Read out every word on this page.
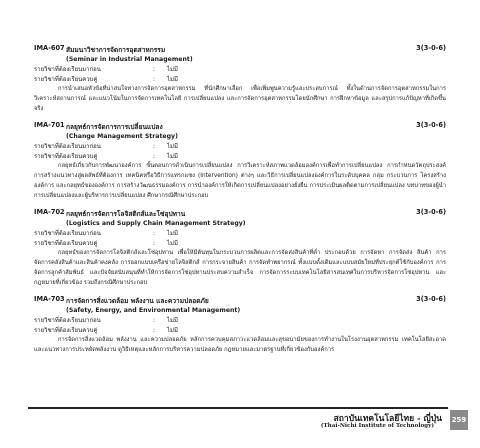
IMA-607 สัมมนาวิชาการจัดการอุตสาหกรรม	3(3-0-6)
(Seminar in Industrial Management)
รายวิชาที่ต้องเรียนมาก่อน	: ไม่มี
รายวิชาที่ต้องเรียนควบคู่	: ไม่มี

การนำเสนอหัวข้อที่น่าสนใจทางการจัดการอุตสาหกรรม ที่นักศึกษาเลือก เพื่อเพิ่มพูนความรู้และประสบการณ์ ทั้งในด้านการจัดการอุตสาหกรรมในการวิเคราะห์สถานการณ์ และแนวโน้มในการจัดการเทคโนโลยี การเปลี่ยนแปลง และการจัดการอุตสาหกรรมโดยนักศึกษา การฝึกหาข้อมูล และสรุปการแก้ปัญหาที่เกิดขึ้นจริง

IMA-701 กลยุทธ์การจัดการการเปลี่ยนแปลง	3(3-0-6)
(Change Management Strategy)
รายวิชาที่ต้องเรียนมาก่อน	: ไม่มี
รายวิชาที่ต้องเรียนควบคู่	: ไม่มี

กลยุทธ์เกี่ยวกับการพัฒนาองค์การ ขั้นตอนการดำเนินการเปลี่ยนแปลง การวิเคราะห์สภาพแวดล้อมองค์การเพื่อทำการเปลี่ยนแปลง การกำหนดวัตถุประสงค์ การสร้างแนวทางสู่ผลลัพธ์ที่ต้องการ เทคนิคหรือวิธีการแทรกแซง (Intervention) ต่างๆ และวิธีการเปลี่ยนแปลงองค์การในระดับบุคคล กลุ่ม กระบวนการ โครงสร้างองค์การ และกลยุทธ์ขององค์การ การสร้างวัฒนธรรมองค์การ การนำองค์การให้เกิดการเปลี่ยนแปลงอย่างยั่งยืน การประเมินผลติดตามการเปลี่ยนแปลง บทบาทของผู้นำการเปลี่ยนแปลงและผู้บริหารการเปลี่ยนแปลง ศึกษากรณีศึกษาประกอบ

IMA-702 กลยุทธ์การจัดการโลจิสติกส์และโซ่อุปทาน	3(3-0-6)
(Logistics and Supply Chain Management Strategy)
รายวิชาที่ต้องเรียนมาก่อน	: ไม่มี
รายวิชาที่ต้องเรียนควบคู่	: ไม่มี

กลยุทธ์ของการจัดการโลจิสติกส์และโซ่อุปทาน เพื่อให้มีต้นทุนในกระบวนการผลิตและการจัดส่งสินค้าที่ต่ำ ประกอบด้วย การจัดหา การจัดส่ง สินค้า การจัดการคลังสินค้าและสินค้าคงคลัง การออกแบบเครือข่ายโลจิสติกส์ การกระจายสินค้า การจัดทำพยากรณ์ ทั้งแบบดั้งเดิมและแบบสมัยใหม่ที่ประยุกต์ใช้กับองค์การ การจัดการลูกค้าสัมพันธ์ และปัจจัยสนับสนุนที่ทำให้การจัดการโซ่อุปทานประสบความสำเร็จ การจัดการระบบเทคโนโลยีสารสนเทศในการบริหารจัดการโซ่อุปทาน และกฎหมายที่เกี่ยวข้อง รวมถึงกรณีศึกษาประกอบ

IMA-703 การจัดการสิ่งแวดล้อม พลังงาน และความปลอดภัย	3(3-0-6)
(Safety, Energy, and Environmental Management)
รายวิชาที่ต้องเรียนมาก่อน	: ไม่มี
รายวิชาที่ต้องเรียนควบคู่	: ไม่มี

การจัดการสิ่งแวดล้อม พลังงาน และความปลอดภัย หลักการควบคุมสภาวะแวดล้อมและสุขอนามัยของการทำงานในโรงงานอุตสาหกรรม เทคโนโลยีสะอาดและแนวทางการประหยัดพลังงาน ดูวิธีเหตุและหลักการบริหารความปลอดภัย กฎหมายและมาตรฐานที่เกี่ยวข้องกับองค์การ

สถาบันเทคโนโลยีไทย - ญี่ปุ่น
(Thai-Nichi Institute of Technology)
259
